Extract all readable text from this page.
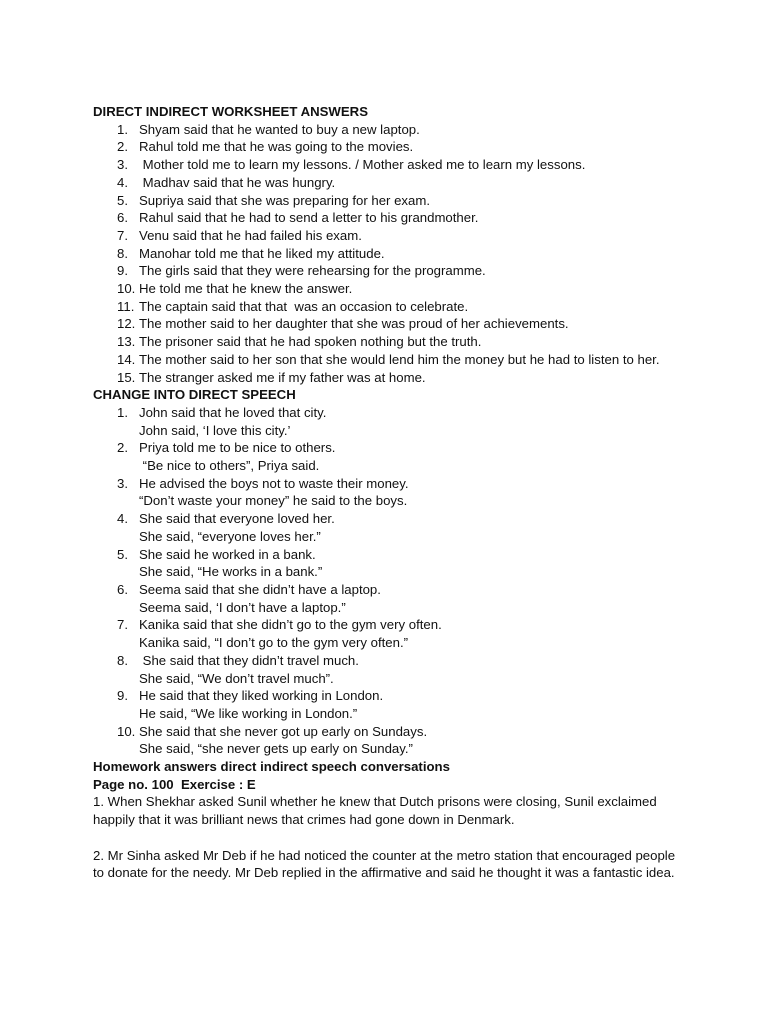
DIRECT INDIRECT WORKSHEET ANSWERS
1. Shyam said that he wanted to buy a new laptop.
2. Rahul told me that he was going to the movies.
3. Mother told me to learn my lessons. / Mother asked me to learn my lessons.
4. Madhav said that he was hungry.
5. Supriya said that she was preparing for her exam.
6. Rahul said that he had to send a letter to his grandmother.
7. Venu said that he had failed his exam.
8. Manohar told me that he liked my attitude.
9. The girls said that they were rehearsing for the programme.
10. He told me that he knew the answer.
11. The captain said that that  was an occasion to celebrate.
12. The mother said to her daughter that she was proud of her achievements.
13. The prisoner said that he had spoken nothing but the truth.
14. The mother said to her son that she would lend him the money but he had to listen to her.
15. The stranger asked me if my father was at home.
CHANGE INTO DIRECT SPEECH
1. John said that he loved that city.
John said, ‘I love this city.’
2. Priya told me to be nice to others.
“Be nice to others”, Priya said.
3. He advised the boys not to waste their money.
“Don’t waste your money” he said to the boys.
4. She said that everyone loved her.
She said, “everyone loves her.”
5. She said he worked in a bank.
She said, “He works in a bank.”
6. Seema said that she didn’t have a laptop.
Seema said, ‘I don’t have a laptop.”
7. Kanika said that she didn’t go to the gym very often.
Kanika said, “I don’t go to the gym very often.”
8. She said that they didn’t travel much.
She said, “We don’t travel much”.
9. He said that they liked working in London.
He said, “We like working in London.”
10. She said that she never got up early on Sundays.
She said, “she never gets up early on Sunday.”
Homework answers direct indirect speech conversations
Page no. 100  Exercise : E
1. When Shekhar asked Sunil whether he knew that Dutch prisons were closing, Sunil exclaimed happily that it was brilliant news that crimes had gone down in Denmark.
2. Mr Sinha asked Mr Deb if he had noticed the counter at the metro station that encouraged people to donate for the needy. Mr Deb replied in the affirmative and said he thought it was a fantastic idea.
